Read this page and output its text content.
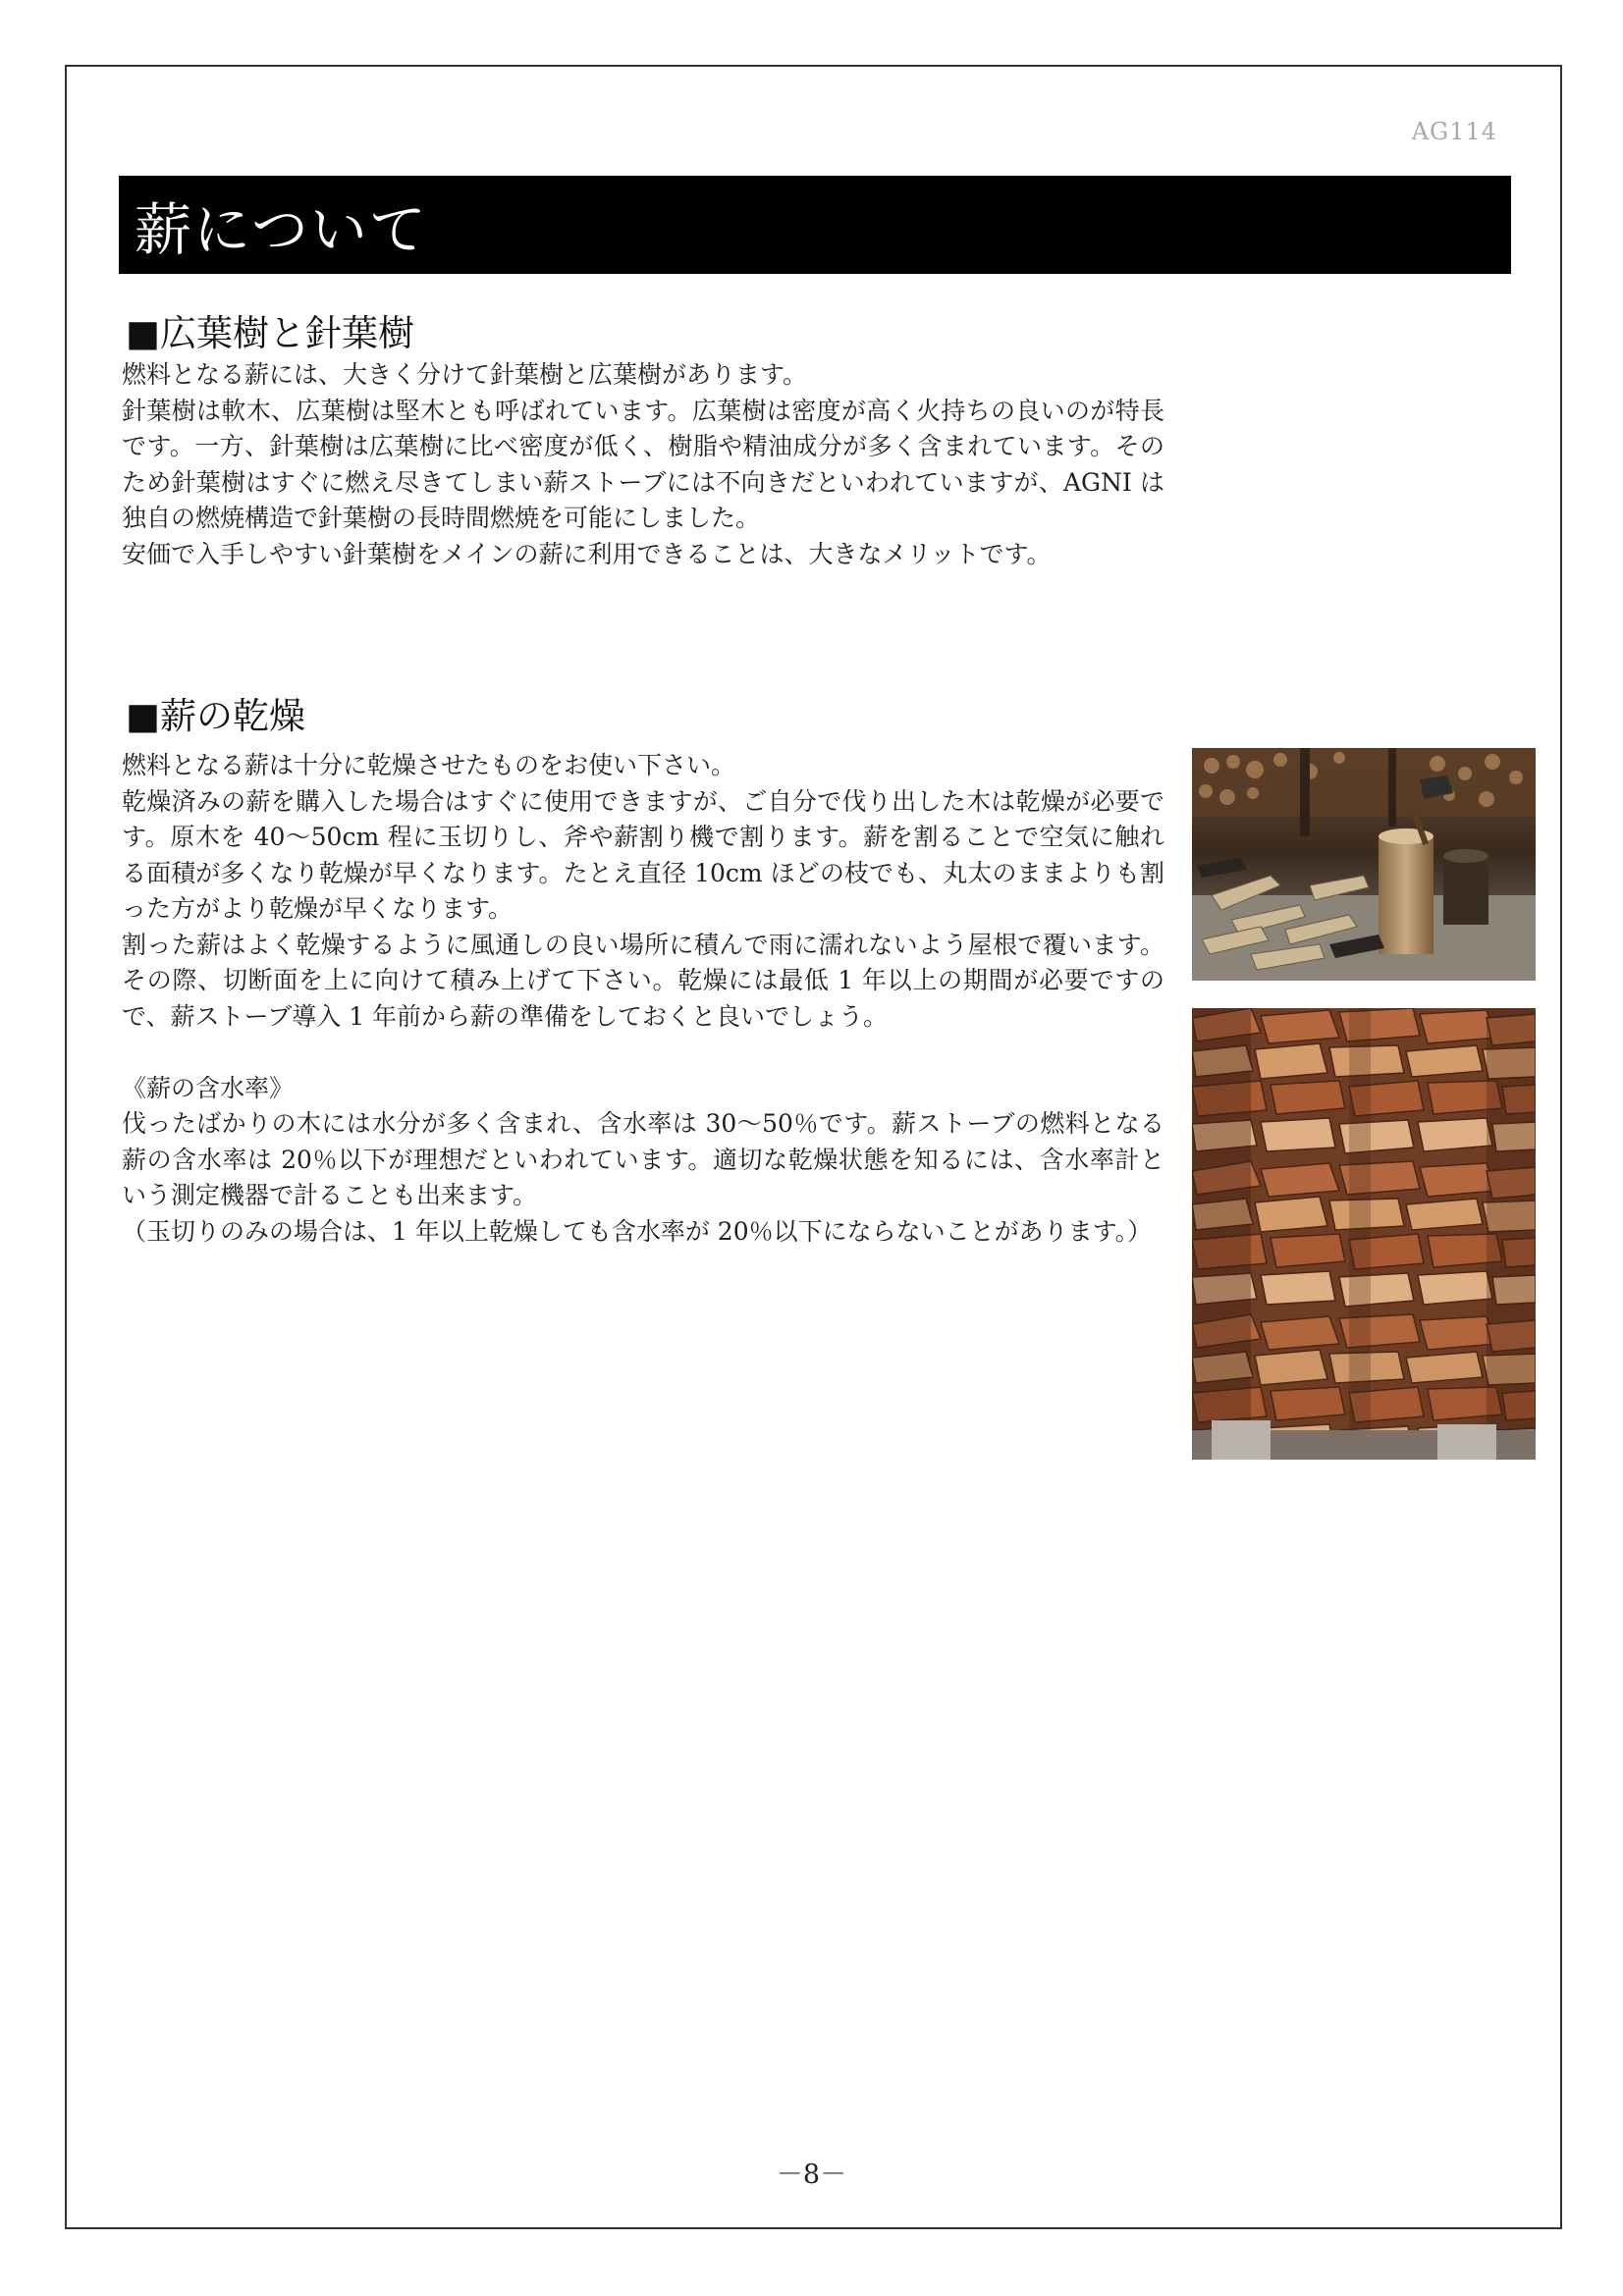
AG114
薪について
■広葉樹と針葉樹

燃料となる薪には、大きく分けて針葉樹と広葉樹があります。

針葉樹は軟木、広葉樹は堅木とも呼ばれています。広葉樹は密度が高く火持ちの良いのが特長です。一方、針葉樹は広葉樹に比べ密度が低く、樹脂や精油成分が多く含まれています。そのため針葉樹はすぐに燃え尽きてしまい薪ストーブには不向きだといわれていますが、AGNI は独自の燃焼構造で針葉樹の長時間燃焼を可能にしました。

安価で入手しやすい針葉樹をメインの薪に利用できることは、大きなメリットです。

■薪の乾燥

燃料となる薪は十分に乾燥させたものをお使い下さい。

乾燥済みの薪を購入した場合はすぐに使用できますが、ご自分で伐り出した木は乾燥が必要です。原木を 40～50cm 程に玉切りし、斧や薪割り機で割ります。薪を割ることで空気に触れる面積が多くなり乾燥が早くなります。たとえ直径 10cm ほどの枝でも、丸太のままよりも割った方がより乾燥が早くなります。

割った薪はよく乾燥するように風通しの良い場所に積んで雨に濡れないよう屋根で覆います。その際、切断面を上に向けて積み上げて下さい。乾燥には最低 1 年以上の期間が必要ですので、薪ストーブ導入 1 年前から薪の準備をしておくと良いでしょう。

《薪の含水率》

伐ったばかりの木には水分が多く含まれ、含水率は 30～50％です。薪ストーブの燃料となる薪の含水率は 20％以下が理想だといわれています。適切な乾燥状態を知るには、含水率計という測定機器で計ることも出来ます。

（玉切りのみの場合は、1 年以上乾燥しても含水率が 20％以下にならないことがあります。）

－8－
